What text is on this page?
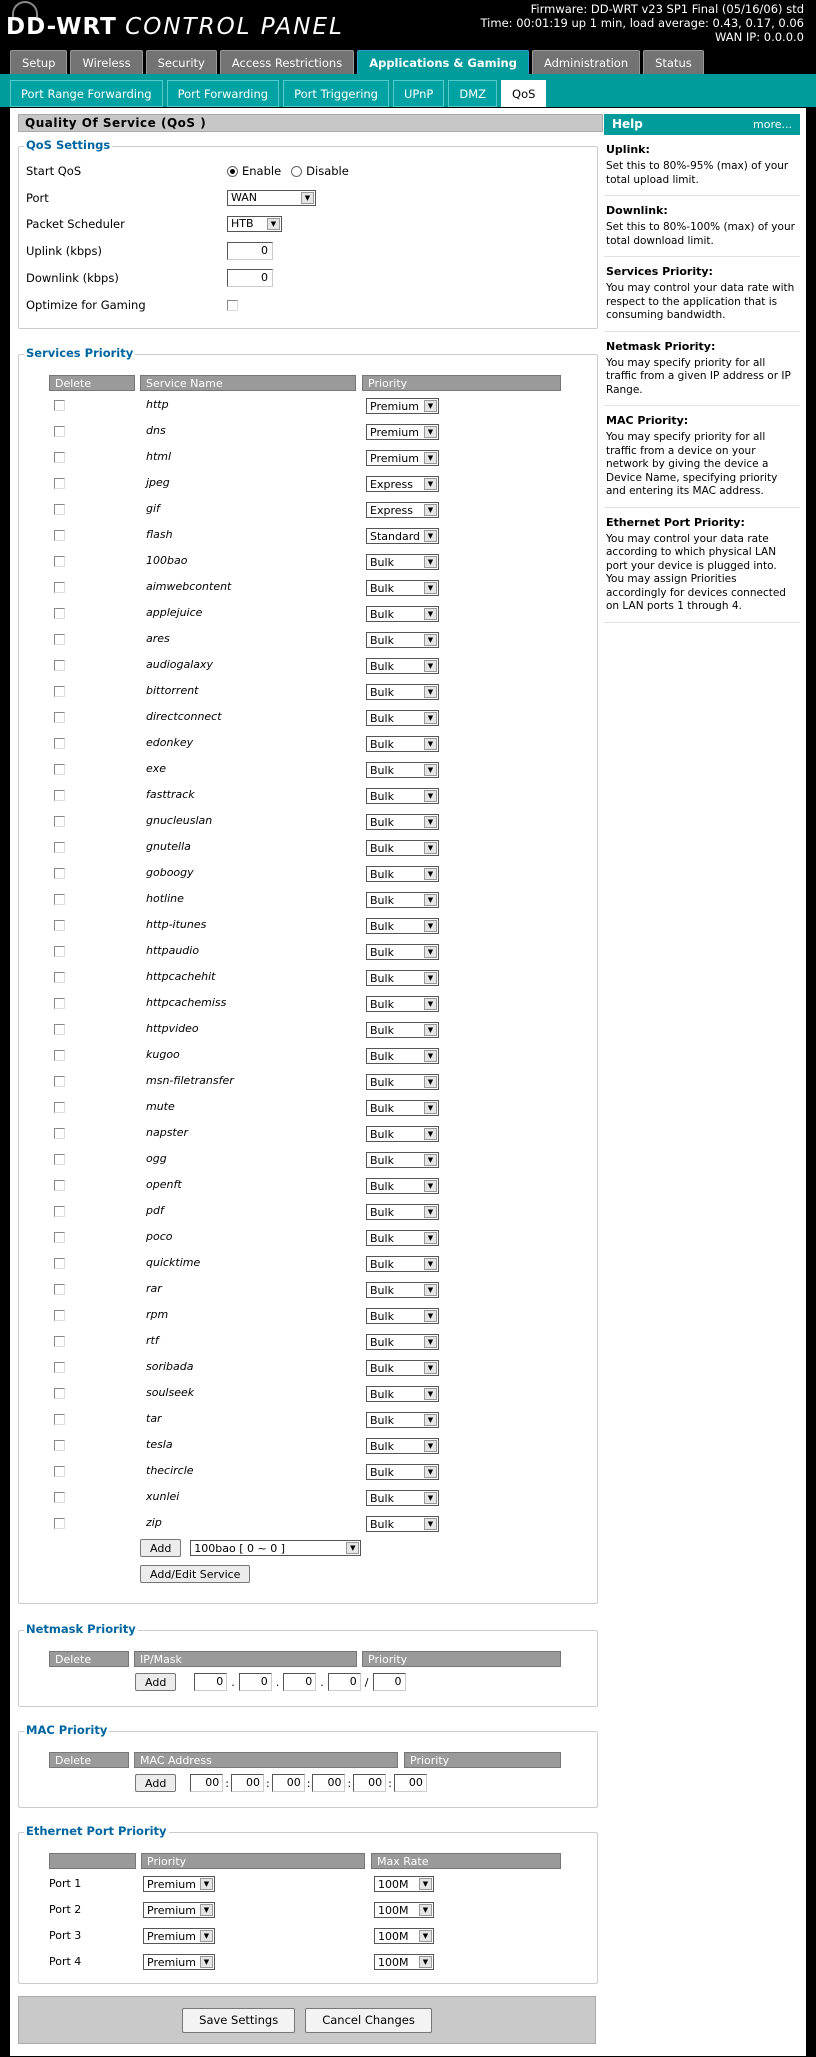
DD-WRT CONTROL PANEL
Firmware: DD-WRT v23 SP1 Final (05/16/06) std
Time: 00:01:19 up 1 min, load average: 0.43, 0.17, 0.06
WAN IP: 0.0.0.0
Setup	Wireless	Security	Access Restrictions	Applications & Gaming	Administration	Status
Port Range Forwarding	Port Forwarding	Port Triggering	UPnP	DMZ	QoS
Quality Of Service (QoS )
QoS Settings
Start QoS	Enable Disable
Port	WAN	▼
Packet Scheduler	HTB	▼
Uplink (kbps)	0
Downlink (kbps)	0
Optimize for Gaming
Services Priority
Delete	Service Name	Priority
http	Premium	▼
dns	Premium	▼
html	Premium	▼
jpeg	Express	▼
gif	Express	▼
flash	Standard	▼
100bao	Bulk	▼
aimwebcontent	Bulk	▼
applejuice	Bulk	▼
ares	Bulk	▼
audiogalaxy	Bulk	▼
bittorrent	Bulk	▼
directconnect	Bulk	▼
edonkey	Bulk	▼
exe	Bulk	▼
fasttrack	Bulk	▼
gnucleuslan	Bulk	▼
gnutella	Bulk	▼
goboogy	Bulk	▼
hotline	Bulk	▼
http-itunes	Bulk	▼
httpaudio	Bulk	▼
httpcachehit	Bulk	▼
httpcachemiss	Bulk	▼
httpvideo	Bulk	▼
kugoo	Bulk	▼
msn-filetransfer	Bulk	▼
mute	Bulk	▼
napster	Bulk	▼
ogg	Bulk	▼
openft	Bulk	▼
pdf	Bulk	▼
poco	Bulk	▼
quicktime	Bulk	▼
rar	Bulk	▼
rpm	Bulk	▼
rtf	Bulk	▼
soribada	Bulk	▼
soulseek	Bulk	▼
tar	Bulk	▼
tesla	Bulk	▼
thecircle	Bulk	▼
xunlei	Bulk	▼
zip	Bulk	▼
Add	100bao [ 0 ~ 0 ]	▼
Add/Edit Service
Netmask Priority
Delete	IP/Mask	Priority
Add	0 .	0 .	0 .	0 /	0
MAC Priority
Delete	MAC Address	Priority
Add	00 :	00 :	00 :	00 :	00 :	00
Ethernet Port Priority
Priority	Max Rate
Port 1	Premium	▼	100M	▼
Port 2	Premium	▼	100M	▼
Port 3	Premium	▼	100M	▼
Port 4	Premium	▼	100M	▼
Save Settings	Cancel Changes
Help	more...
Uplink:

Set this to 80%-95% (max) of your total upload limit.

Downlink:

Set this to 80%-100% (max) of your total download limit.

Services Priority:

You may control your data rate with respect to the application that is consuming bandwidth.

Netmask Priority:

You may specify priority for all traffic from a given IP address or IP Range.

MAC Priority:

You may specify priority for all traffic from a device on your network by giving the device a Device Name, specifying priority and entering its MAC address.

Ethernet Port Priority:

You may control your data rate according to which physical LAN port your device is plugged into. You may assign Priorities accordingly for devices connected on LAN ports 1 through 4.
